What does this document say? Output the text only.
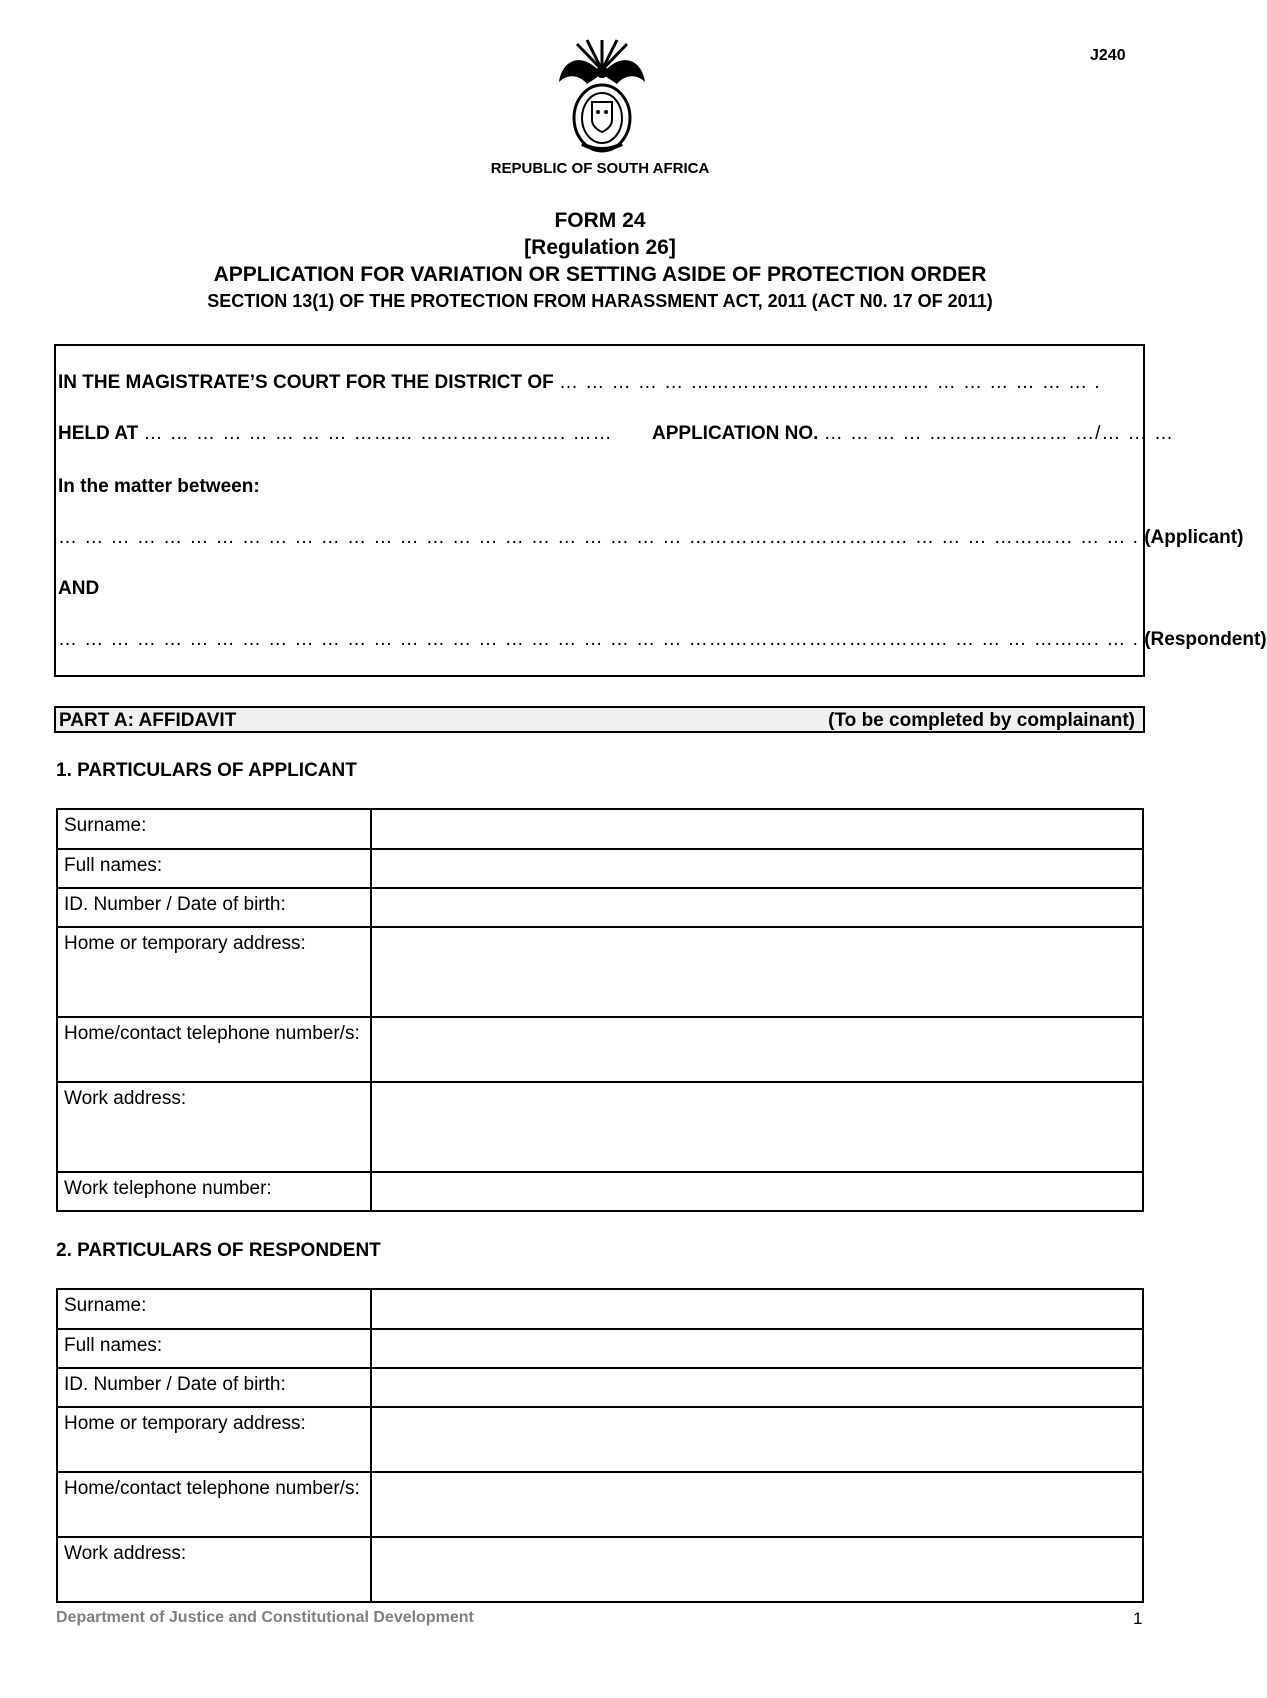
J240
REPUBLIC OF SOUTH AFRICA
FORM 24
[Regulation 26]
APPLICATION FOR VARIATION OR SETTING ASIDE OF PROTECTION ORDER
SECTION 13(1) OF THE PROTECTION FROM HARASSMENT ACT, 2011 (ACT N0. 17 OF 2011)
IN THE MAGISTRATE’S COURT FOR THE DISTRICT OF … … … … … ……………………………… … … … … … … .
HELD AT … … … … … … … … ……… …………………. …… APPLICATION NO. … … … … ………………… …/… … …
In the matter between:
… … … … … … … … … … … … … … … … … … … … … … … … …………………………… … … … ………… … … . (Applicant)
AND
… … … … … … … … … … … … … … … … … … … … … … … … ………………………………… … … … ………. … . (Respondent)
PART A: AFFIDAVIT	(To be completed by complainant)
1. PARTICULARS OF APPLICANT
Surname:	
Full names:	
ID. Number / Date of birth:	
Home or temporary address:	
Home/contact telephone number/s:	
Work address:	
Work telephone number:	
2. PARTICULARS OF RESPONDENT
Surname:	
Full names:	
ID. Number / Date of birth:	
Home or temporary address:	
Home/contact telephone number/s:	
Work address:	
Department of Justice and Constitutional Development	1
